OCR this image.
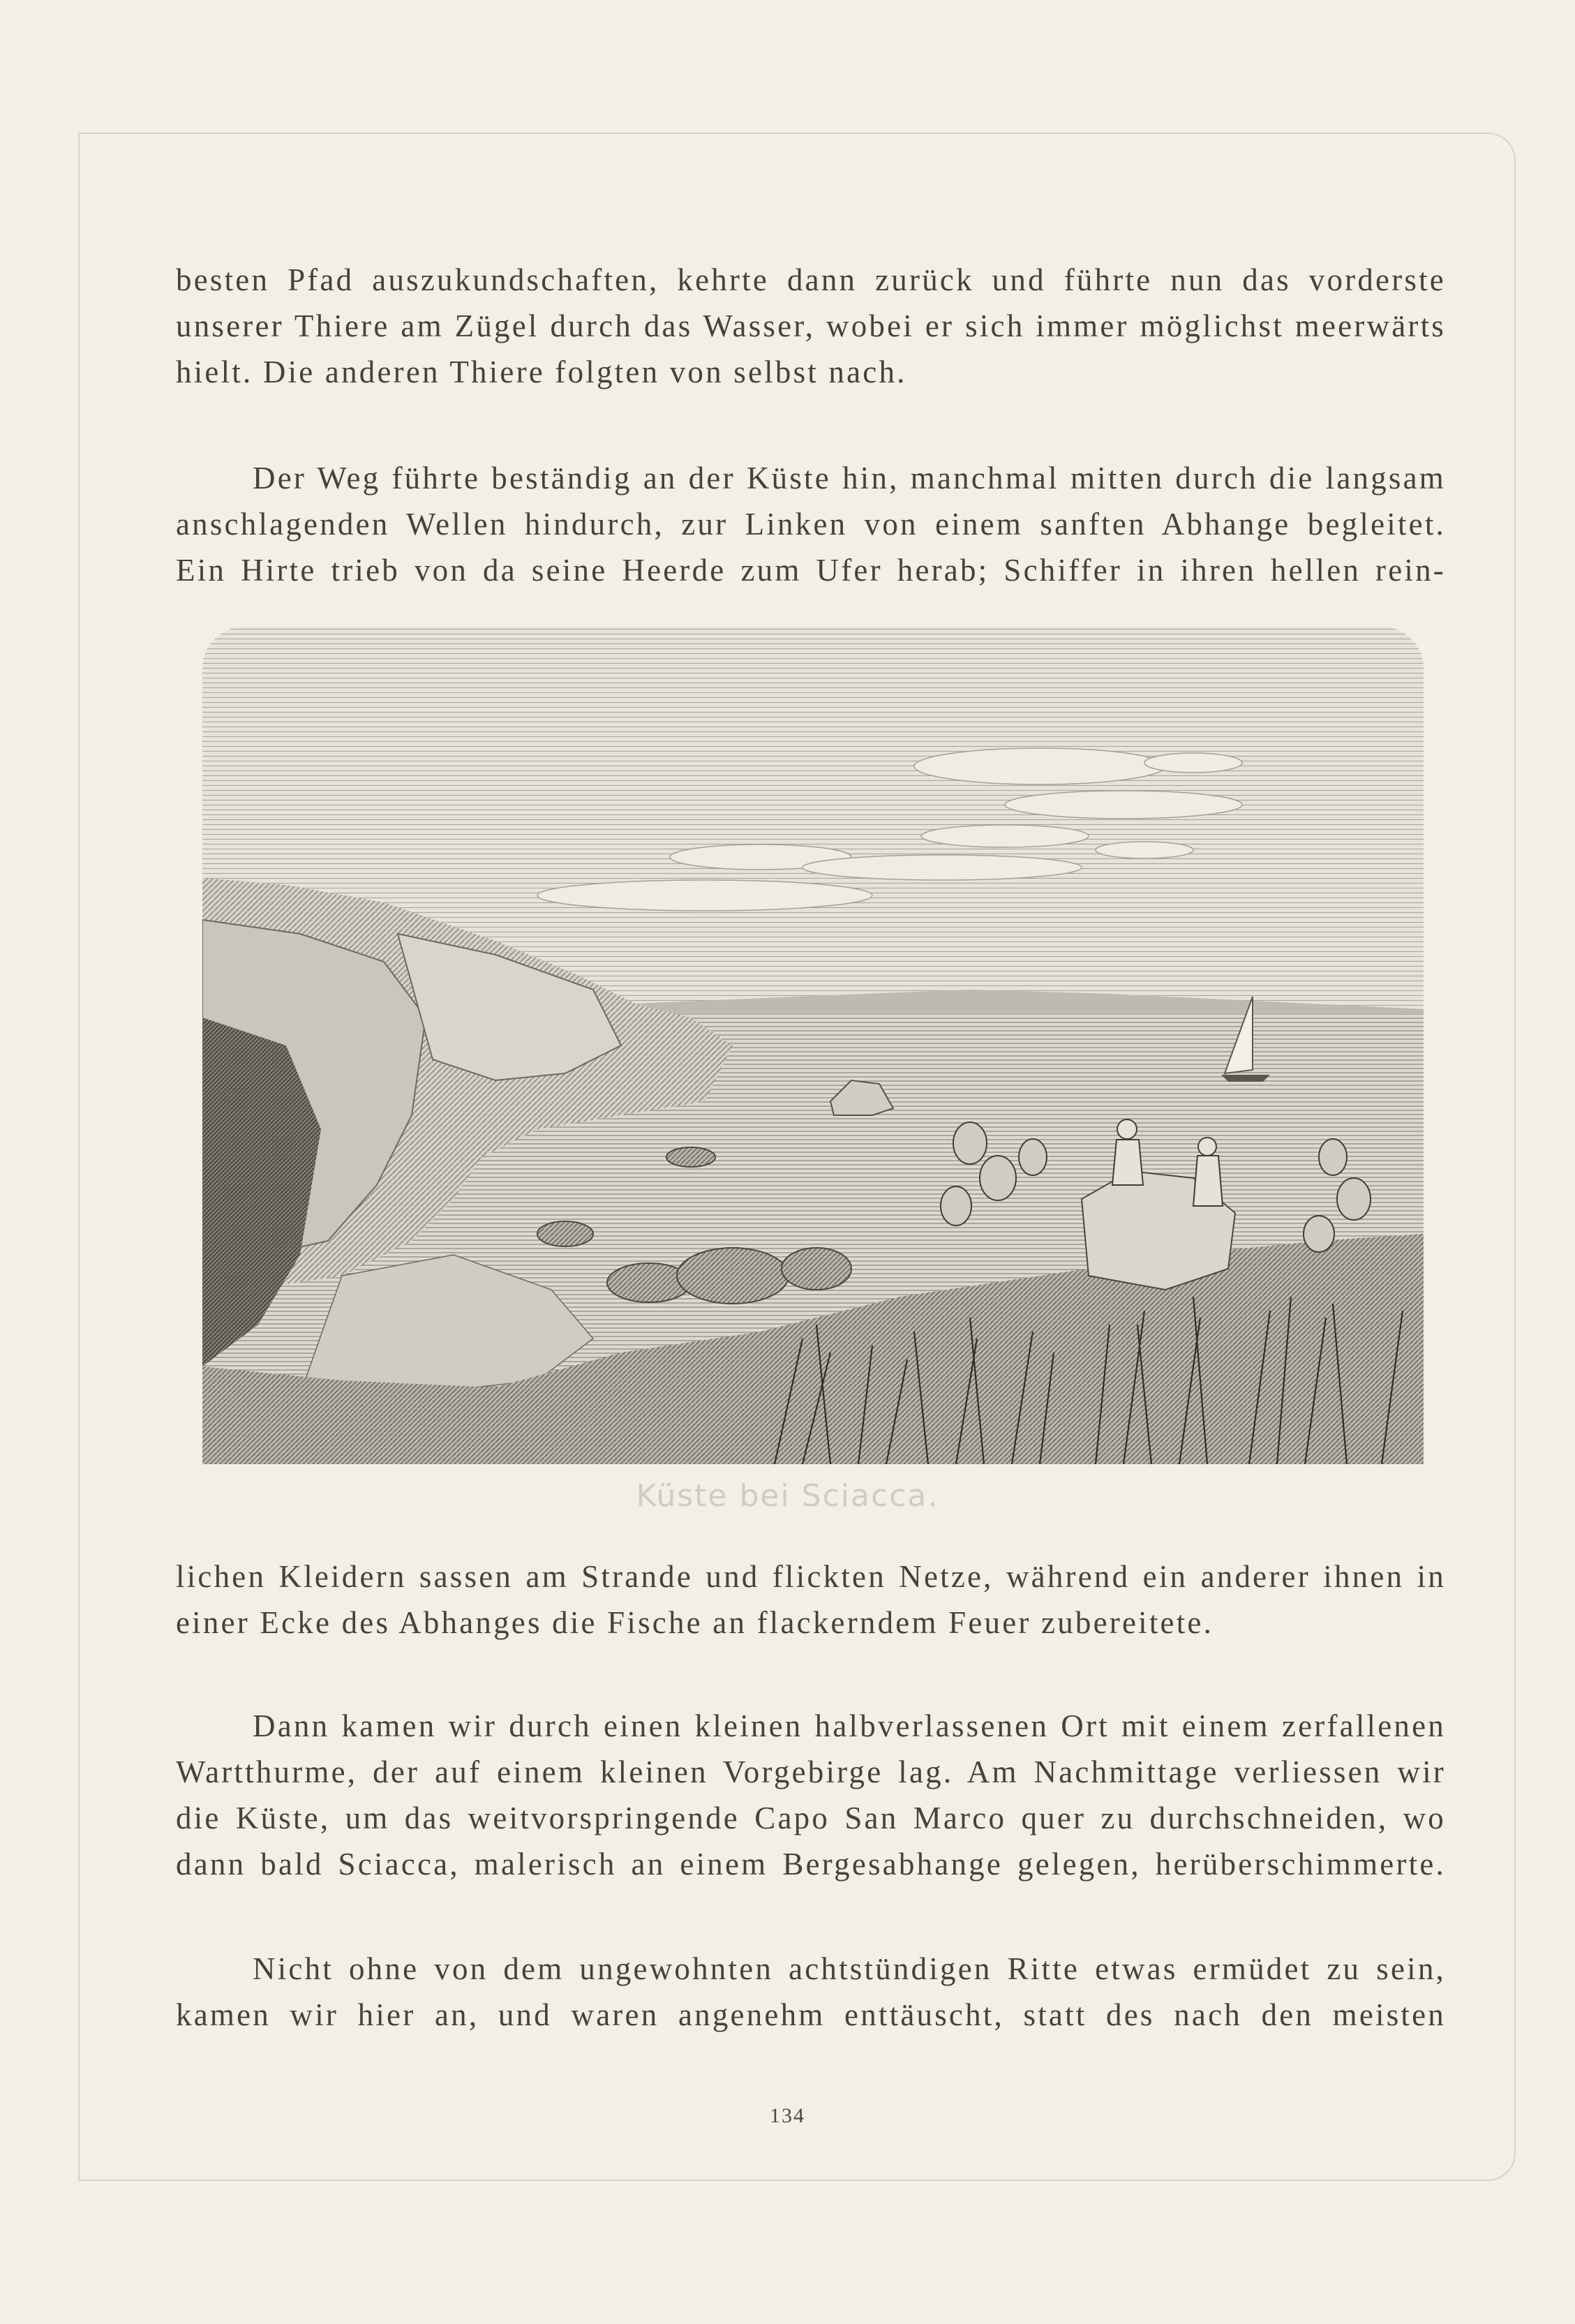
besten Pfad auszukundschaften, kehrte dann zurück und führte nun das vorderste
unserer Thiere am Zügel durch das Wasser, wobei er sich immer möglichst meerwärts
hielt. Die anderen Thiere folgten von selbst nach.
Der Weg führte beständig an der Küste hin, manchmal mitten durch die langsam
anschlagenden Wellen hindurch, zur Linken von einem sanften Abhange begleitet.
Ein Hirte trieb von da seine Heerde zum Ufer herab; Schiffer in ihren hellen rein-
Küste bei Sciacca.
lichen Kleidern sassen am Strande und flickten Netze, während ein anderer ihnen in
einer Ecke des Abhanges die Fische an flackerndem Feuer zubereitete.
Dann kamen wir durch einen kleinen halbverlassenen Ort mit einem zerfallenen
Wartthurme, der auf einem kleinen Vorgebirge lag. Am Nachmittage verliessen wir
die Küste, um das weitvorspringende Capo San Marco quer zu durchschneiden, wo
dann bald Sciacca, malerisch an einem Bergesabhange gelegen, herüberschimmerte.
Nicht ohne von dem ungewohnten achtstündigen Ritte etwas ermüdet zu sein,
kamen wir hier an, und waren angenehm enttäuscht, statt des nach den meisten
134
